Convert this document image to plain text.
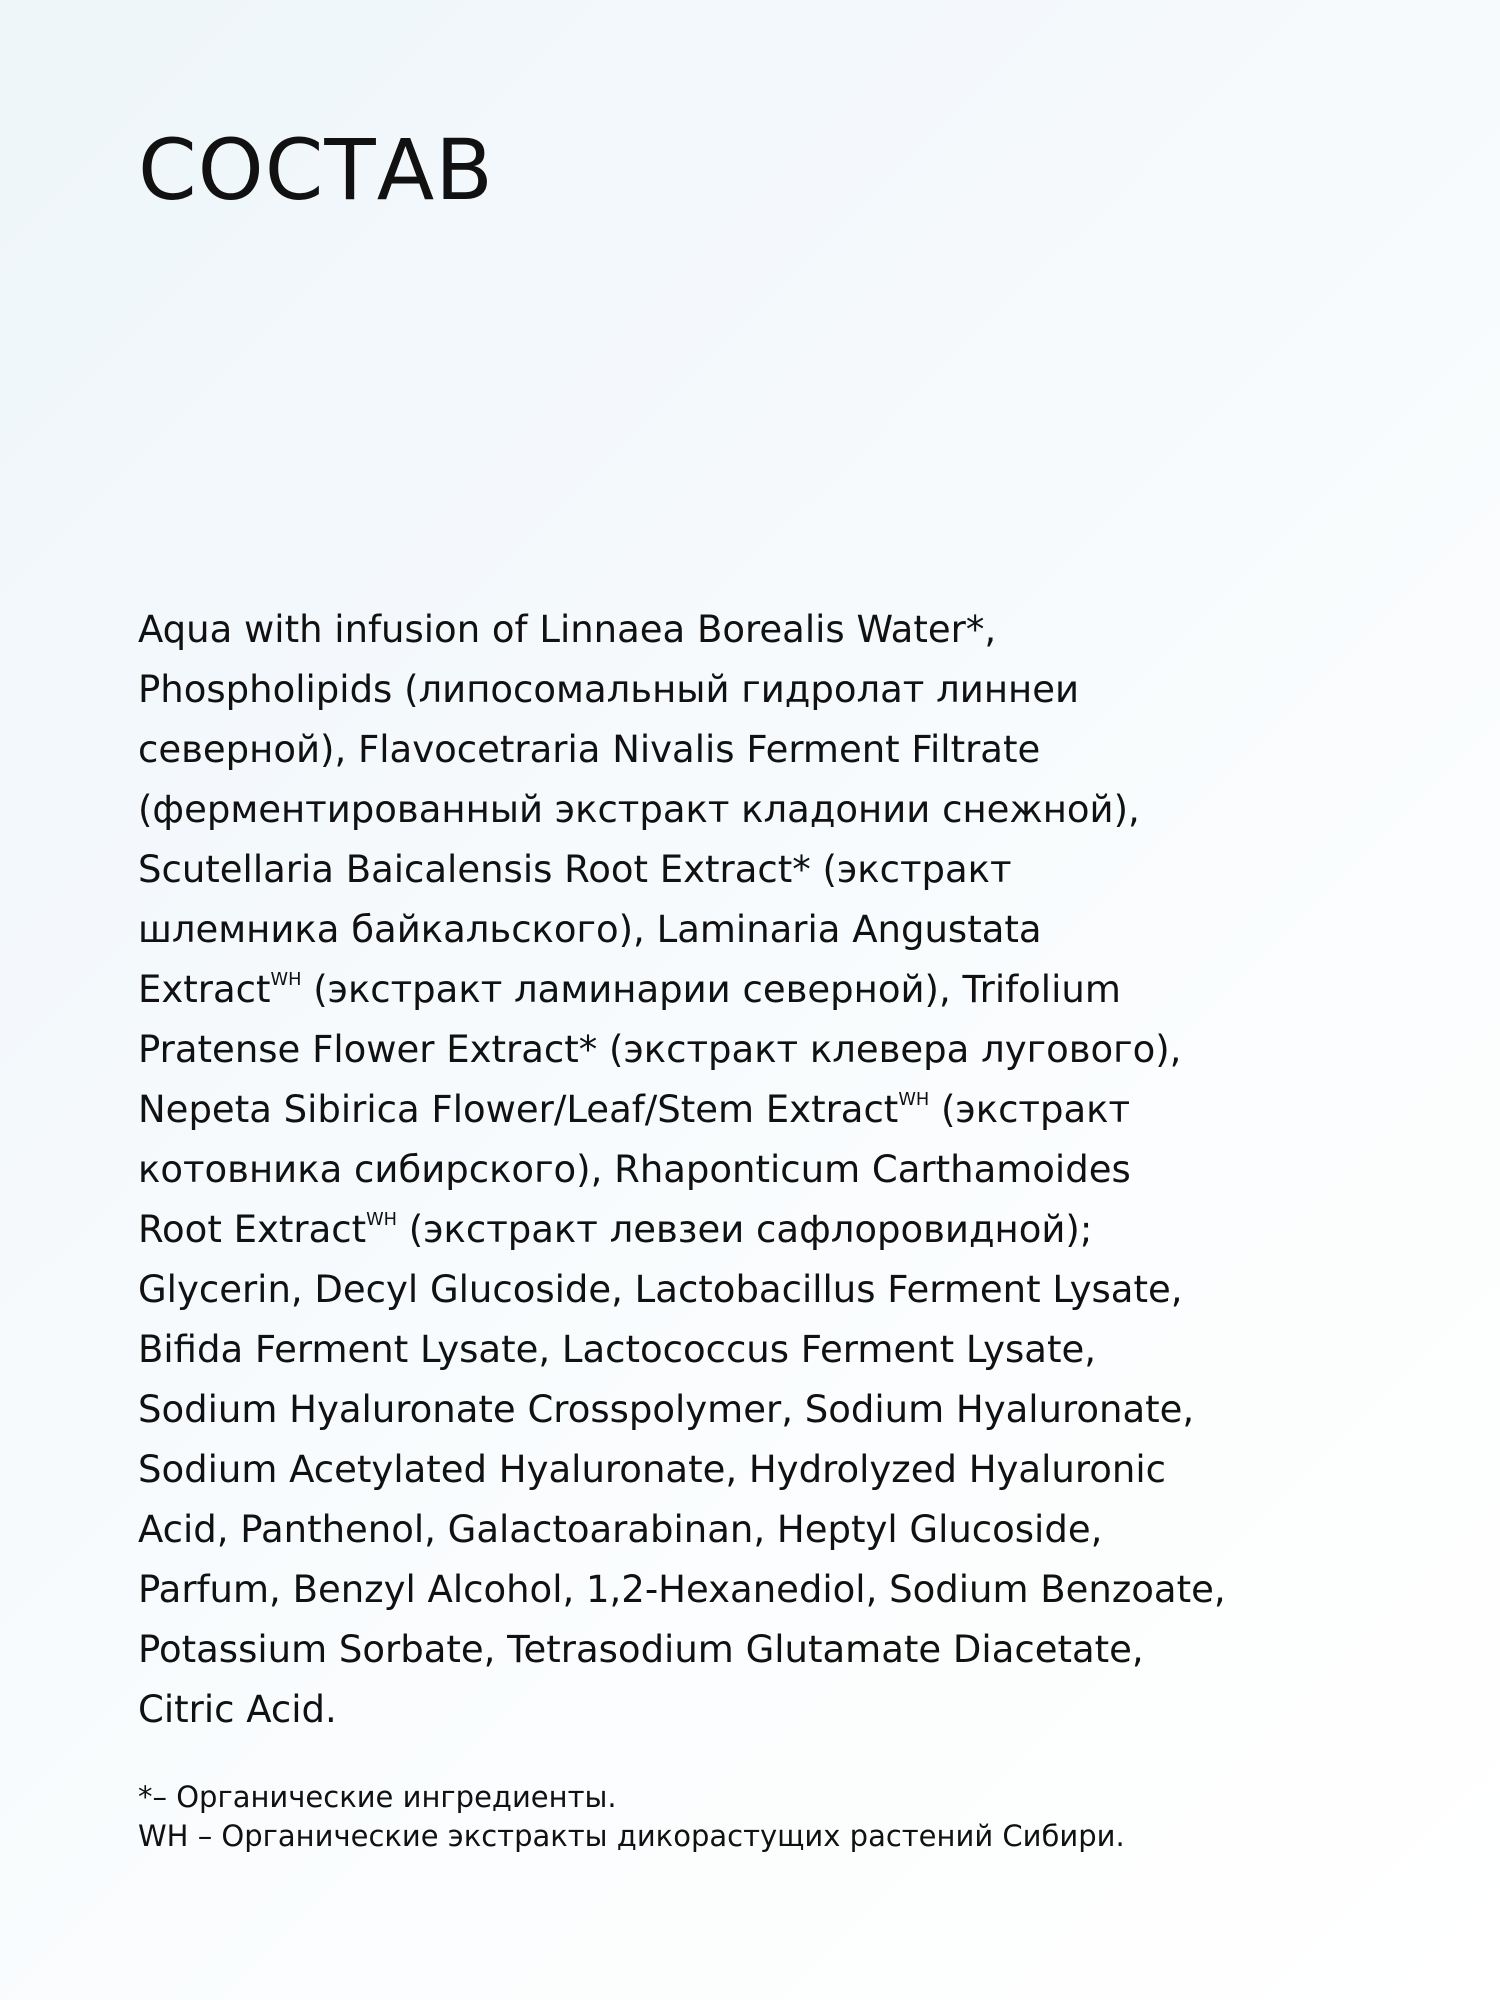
СОСТАВ
Aqua with infusion of Linnaea Borealis Water*,
Phospholipids (липосомальный гидролат линнеи
северной), Flavocetraria Nivalis Ferment Filtrate
(ферментированный экстракт кладонии снежной),
Scutellaria Baicalensis Root Extract* (экстракт
шлемника байкальского), Laminaria Angustata
Extract$^{WH}$ (экстракт ламинарии северной), Trifolium
Pratense Flower Extract* (экстракт клевера лугового),
Nepeta Sibirica Flower/Leaf/Stem Extract$^{WH}$ (экстракт
котовника сибирского), Rhaponticum Carthamoides
Root Extract$^{WH}$ (экстракт левзеи сафлоровидной);
Glycerin, Decyl Glucoside, Lactobacillus Ferment Lysate,
Bifida Ferment Lysate, Lactococcus Ferment Lysate,
Sodium Hyaluronate Crosspolymer, Sodium Hyaluronate,
Sodium Acetylated Hyaluronate, Hydrolyzed Hyaluronic
Acid, Panthenol, Galactoarabinan, Heptyl Glucoside,
Parfum, Benzyl Alcohol, 1,2-Hexanediol, Sodium Benzoate,
Potassium Sorbate, Tetrasodium Glutamate Diacetate,
Citric Acid.
*– Органические ингредиенты.
WH – Органические экстракты дикорастущих растений Сибири.
